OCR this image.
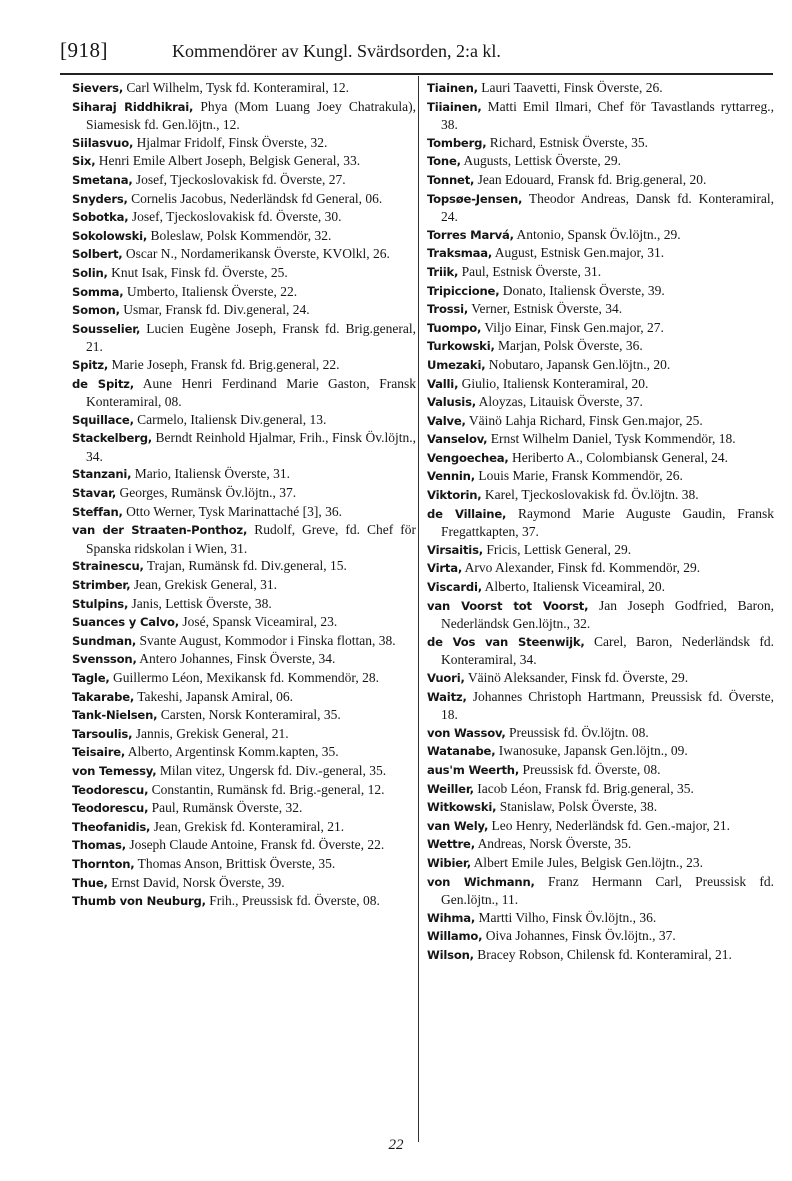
[918]	Kommendörer av Kungl. Svärdsorden, 2:a kl.

Sievers, Carl Wilhelm, Tysk fd. Konteramiral, 12.

Siharaj Riddhikrai, Phya (Mom Luang Joey Chatrakula), Siamesisk fd. Gen.löjtn., 12.

Siilasvuo, Hjalmar Fridolf, Finsk Överste, 32.

Six, Henri Emile Albert Joseph, Belgisk General, 33.

Smetana, Josef, Tjeckoslovakisk fd. Överste, 27.

Snyders, Cornelis Jacobus, Nederländsk fd General, 06.

Sobotka, Josef, Tjeckoslovakisk fd. Överste, 30.

Sokolowski, Boleslaw, Polsk Kommendör, 32.

Solbert, Oscar N., Nordamerikansk Överste, KVOlkl, 26.

Solin, Knut Isak, Finsk fd. Överste, 25.

Somma, Umberto, Italiensk Överste, 22.

Somon, Usmar, Fransk fd. Div.general, 24.

Sousselier, Lucien Eugène Joseph, Fransk fd. Brig.general, 21.

Spitz, Marie Joseph, Fransk fd. Brig.general, 22.

de Spitz, Aune Henri Ferdinand Marie Gaston, Fransk Konteramiral, 08.

Squillace, Carmelo, Italiensk Div.general, 13.

Stackelberg, Berndt Reinhold Hjalmar, Frih., Finsk Öv.löjtn., 34.

Stanzani, Mario, Italiensk Överste, 31.

Stavar, Georges, Rumänsk Öv.löjtn., 37.

Steffan, Otto Werner, Tysk Marinattaché [3], 36.

van der Straaten-Ponthoz, Rudolf, Greve, fd. Chef för Spanska ridskolan i Wien, 31.

Strainescu, Trajan, Rumänsk fd. Div.general, 15.

Strimber, Jean, Grekisk General, 31.

Stulpins, Janis, Lettisk Överste, 38.

Suances y Calvo, José, Spansk Viceamiral, 23.

Sundman, Svante August, Kommodor i Finska flottan, 38.

Svensson, Antero Johannes, Finsk Överste, 34.

Tagle, Guillermo Léon, Mexikansk fd. Kommendör, 28.

Takarabe, Takeshi, Japansk Amiral, 06.

Tank-Nielsen, Carsten, Norsk Konteramiral, 35.

Tarsoulis, Jannis, Grekisk General, 21.

Teisaire, Alberto, Argentinsk Komm.kapten, 35.

von Temessy, Milan vitez, Ungersk fd. Div.-general, 35.

Teodorescu, Constantin, Rumänsk fd. Brig.-general, 12.

Teodorescu, Paul, Rumänsk Överste, 32.

Theofanidis, Jean, Grekisk fd. Konteramiral, 21.

Thomas, Joseph Claude Antoine, Fransk fd. Överste, 22.

Thornton, Thomas Anson, Brittisk Överste, 35.

Thue, Ernst David, Norsk Överste, 39.

Thumb von Neuburg, Frih., Preussisk fd. Överste, 08.

Tiainen, Lauri Taavetti, Finsk Överste, 26.

Tiiainen, Matti Emil Ilmari, Chef för Tavastlands ryttarreg., 38.

Tomberg, Richard, Estnisk Överste, 35.

Tone, Augusts, Lettisk Överste, 29.

Tonnet, Jean Edouard, Fransk fd. Brig.general, 20.

Topsøe-Jensen, Theodor Andreas, Dansk fd. Konteramiral, 24.

Torres Marvá, Antonio, Spansk Öv.löjtn., 29.

Traksmaa, August, Estnisk Gen.major, 31.

Triik, Paul, Estnisk Överste, 31.

Tripiccione, Donato, Italiensk Överste, 39.

Trossi, Verner, Estnisk Överste, 34.

Tuompo, Viljo Einar, Finsk Gen.major, 27.

Turkowski, Marjan, Polsk Överste, 36.

Umezaki, Nobutaro, Japansk Gen.löjtn., 20.

Valli, Giulio, Italiensk Konteramiral, 20.

Valusis, Aloyzas, Litauisk Överste, 37.

Valve, Väinö Lahja Richard, Finsk Gen.major, 25.

Vanselov, Ernst Wilhelm Daniel, Tysk Kommendör, 18.

Vengoechea, Heriberto A., Colombiansk General, 24.

Vennin, Louis Marie, Fransk Kommendör, 26.

Viktorin, Karel, Tjeckoslovakisk fd. Öv.löjtn. 38.

de Villaine, Raymond Marie Auguste Gaudin, Fransk Fregattkapten, 37.

Virsaitis, Fricis, Lettisk General, 29.

Virta, Arvo Alexander, Finsk fd. Kommendör, 29.

Viscardi, Alberto, Italiensk Viceamiral, 20.

van Voorst tot Voorst, Jan Joseph Godfried, Baron, Nederländsk Gen.löjtn., 32.

de Vos van Steenwijk, Carel, Baron, Nederländsk fd. Konteramiral, 34.

Vuori, Väinö Aleksander, Finsk fd. Överste, 29.

Waitz, Johannes Christoph Hartmann, Preussisk fd. Överste, 18.

von Wassov, Preussisk fd. Öv.löjtn. 08.

Watanabe, Iwanosuke, Japansk Gen.löjtn., 09.

aus'm Weerth, Preussisk fd. Överste, 08.

Weiller, Iacob Léon, Fransk fd. Brig.general, 35.

Witkowski, Stanislaw, Polsk Överste, 38.

van Wely, Leo Henry, Nederländsk fd. Gen.-major, 21.

Wettre, Andreas, Norsk Överste, 35.

Wibier, Albert Emile Jules, Belgisk Gen.löjtn., 23.

von Wichmann, Franz Hermann Carl, Preussisk fd. Gen.löjtn., 11.

Wihma, Martti Vilho, Finsk Öv.löjtn., 36.

Willamo, Oiva Johannes, Finsk Öv.löjtn., 37.

Wilson, Bracey Robson, Chilensk fd. Konteramiral, 21.

22
